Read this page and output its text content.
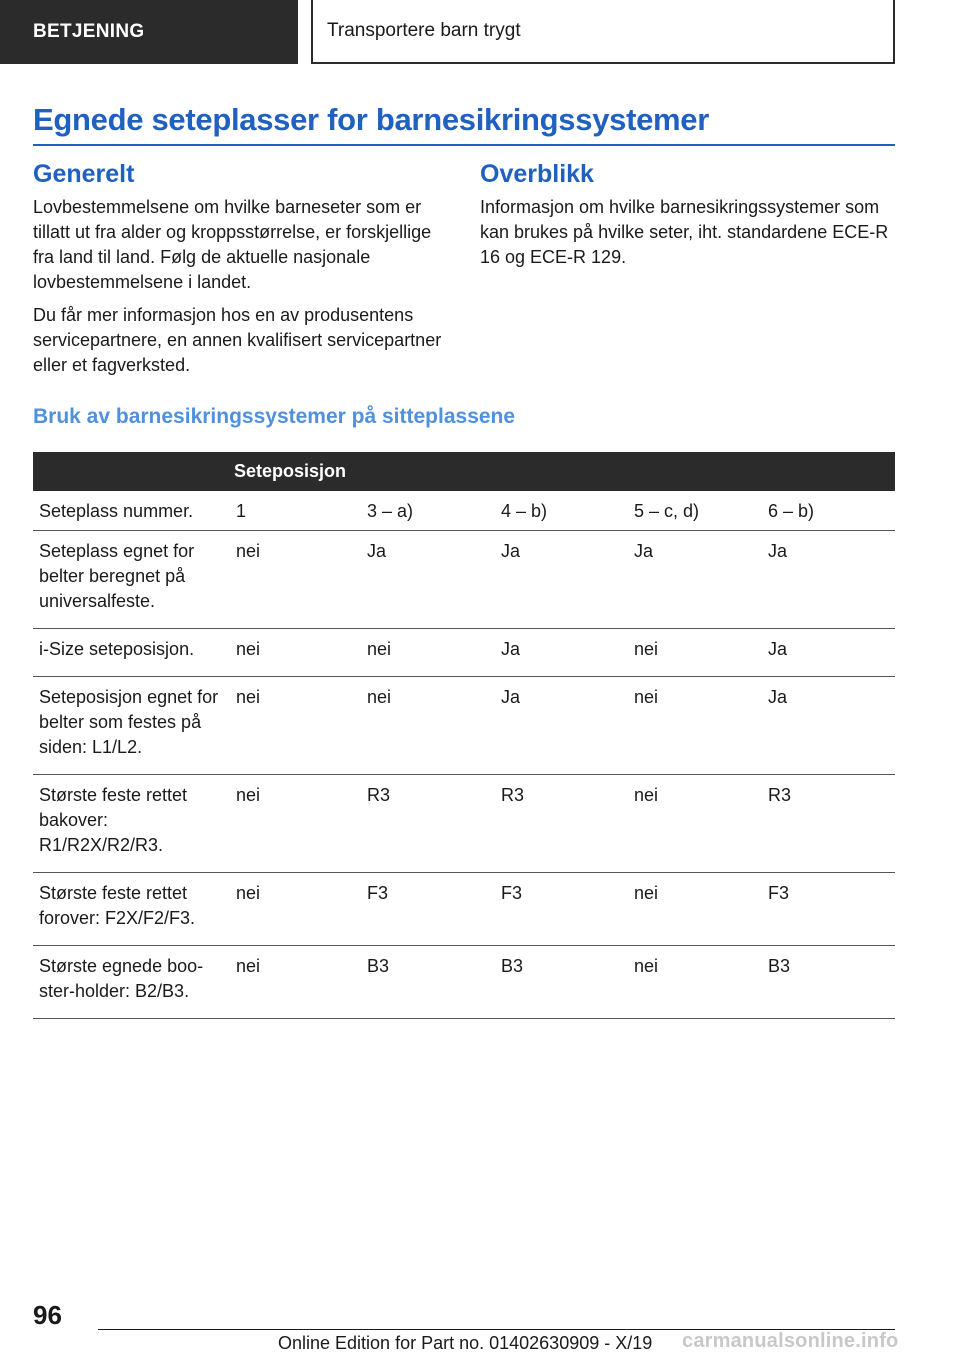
BETJENING	Transportere barn trygt
Egnede seteplasser for barnesikringssystemer
Generelt

Lovbestemmelsene om hvilke barneseter som er tillatt ut fra alder og kroppsstørrelse, er forskjellige fra land til land. Følg de aktuelle nasjonale lovbestemmelsene i landet.

Du får mer informasjon hos en av produsentens servicepartnere, en annen kvalifisert servicepartner eller et fagverksted.

Overblikk

Informasjon om hvilke barnesikringssystemer som kan brukes på hvilke seter, iht. standardene ECE-R 16 og ECE-R 129.

Bruk av barnesikringssystemer på sitteplassene
	Seteposisjon				
Seteplass nummer.	1	3 – a)	4 – b)	5 – c, d)	6 – b)
Seteplass egnet for belter beregnet på universalfeste.	nei	Ja	Ja	Ja	Ja
i-Size seteposisjon.	nei	nei	Ja	nei	Ja
Seteposisjon egnet for belter som festes på siden: L1/L2.	nei	nei	Ja	nei	Ja
Største feste rettet bakover: R1/R2X/R2/R3.	nei	R3	R3	nei	R3
Største feste rettet forover: F2X/F2/F3.	nei	F3	F3	nei	F3
Største egnede booster-holder: B2/B3.	nei	B3	B3	nei	B3
96
Online Edition for Part no. 01402630909 - X/19 carmanualsonline.info
